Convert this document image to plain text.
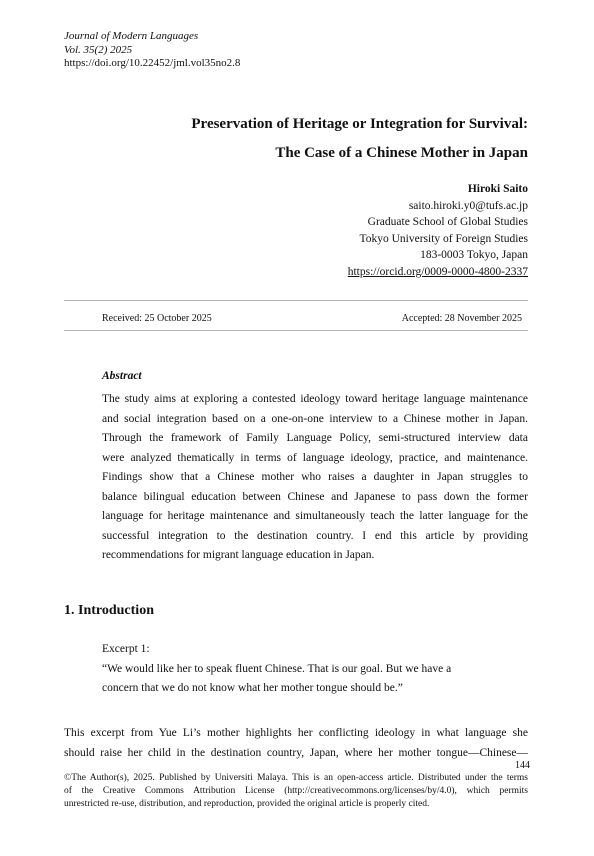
Journal of Modern Languages
Vol. 35(2) 2025
https://doi.org/10.22452/jml.vol35no2.8
Preservation of Heritage or Integration for Survival:
The Case of a Chinese Mother in Japan
Hiroki Saito
saito.hiroki.y0@tufs.ac.jp
Graduate School of Global Studies
Tokyo University of Foreign Studies
183-0003 Tokyo, Japan
https://orcid.org/0009-0000-4800-2337
Received: 25 October 2025	Accepted: 28 November 2025
Abstract
The study aims at exploring a contested ideology toward heritage language maintenance
and social integration based on a one-on-one interview to a Chinese mother in Japan.
Through the framework of Family Language Policy, semi-structured interview data
were analyzed thematically in terms of language ideology, practice, and maintenance.
Findings show that a Chinese mother who raises a daughter in Japan struggles to
balance bilingual education between Chinese and Japanese to pass down the former
language for heritage maintenance and simultaneously teach the latter language for the
successful integration to the destination country. I end this article by providing
recommendations for migrant language education in Japan.
1. Introduction
Excerpt 1:
“We would like her to speak fluent Chinese. That is our goal. But we have a
concern that we do not know what her mother tongue should be.”
This excerpt from Yue Li’s mother highlights her conflicting ideology in what language she
should raise her child in the destination country, Japan, where her mother tongue—Chinese—
144
©The Author(s), 2025. Published by Universiti Malaya. This is an open-access article. Distributed under the terms
of the Creative Commons Attribution License (http://creativecommons.org/licenses/by/4.0), which permits
unrestricted re-use, distribution, and reproduction, provided the original article is properly cited.
